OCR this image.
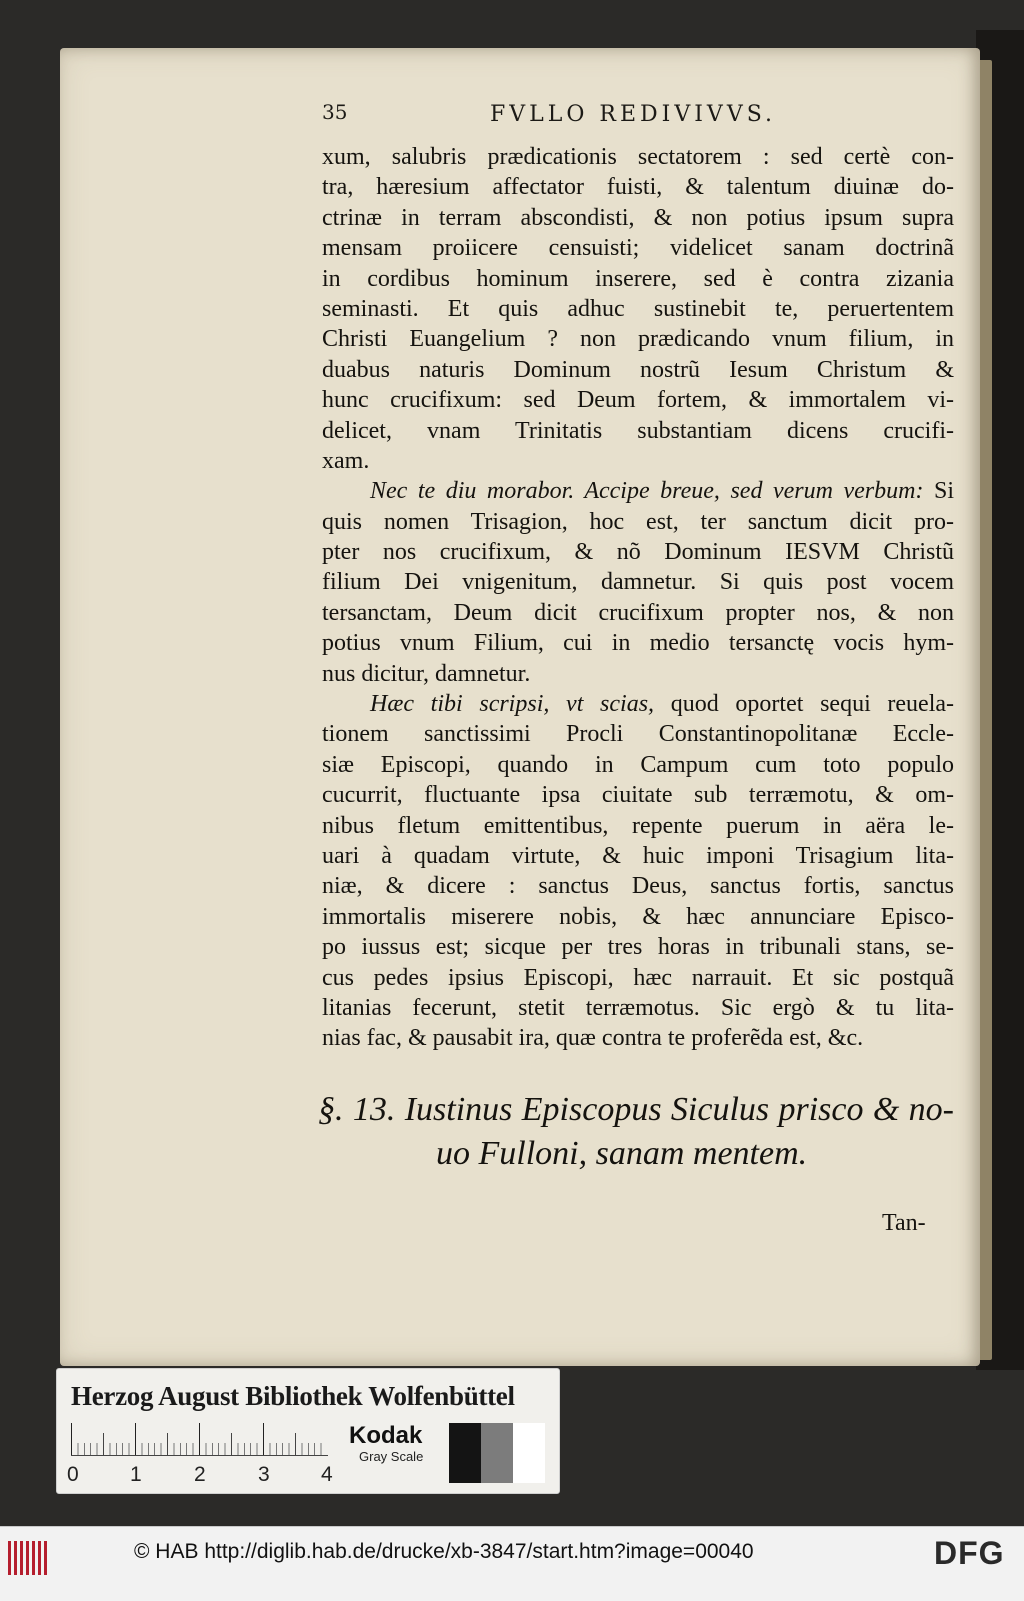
35	FVLLO REDIVIVVS.
xum, salubris prædicationis sectatorem : sed certè con-
tra, hæresium affectator fuisti, & talentum diuinæ do-
ctrinæ in terram abscondisti, & non potius ipsum supra
mensam proiicere censuisti; videlicet sanam doctrinã
in cordibus hominum inserere, sed è contra zizania
seminasti. Et quis adhuc sustinebit te, peruertentem
Christi Euangelium ? non prædicando vnum filium, in
duabus naturis Dominum nostrũ Iesum Christum &
hunc crucifixum: sed Deum fortem, & immortalem vi-
delicet, vnam Trinitatis substantiam dicens crucifi-
xam.
Nec te diu morabor. Accipe breue, sed verum verbum: Si
quis nomen Trisagion, hoc est, ter sanctum dicit pro-
pter nos crucifixum, & nõ Dominum IESVM Christũ
filium Dei vnigenitum, damnetur. Si quis post vocem
tersanctam, Deum dicit crucifixum propter nos, & non
potius vnum Filium, cui in medio tersanctę vocis hym-
nus dicitur, damnetur.
Hæc tibi scripsi, vt scias, quod oportet sequi reuela-
tionem sanctissimi Procli Constantinopolitanæ Eccle-
siæ Episcopi, quando in Campum cum toto populo
cucurrit, fluctuante ipsa ciuitate sub terræmotu, & om-
nibus fletum emittentibus, repente puerum in aëra le-
uari à quadam virtute, & huic imponi Trisagium lita-
niæ, & dicere : sanctus Deus, sanctus fortis, sanctus
immortalis miserere nobis, & hæc annunciare Episco-
po iussus est; sicque per tres horas in tribunali stans, se-
cus pedes ipsius Episcopi, hæc narrauit. Et sic postquã
litanias fecerunt, stetit terræmotus. Sic ergò & tu lita-
nias fac, & pausabit ira, quæ contra te proferẽda est, &c.
§. 13. Iustinus Episcopus Siculus prisco & no-
uo Fulloni, sanam mentem.
Tan-
Herzog August Bibliothek Wolfenbüttel
0 1 2 3 4
Kodak
Gray Scale
© HAB http://diglib.hab.de/drucke/xb-3847/start.htm?image=00040	DFG
